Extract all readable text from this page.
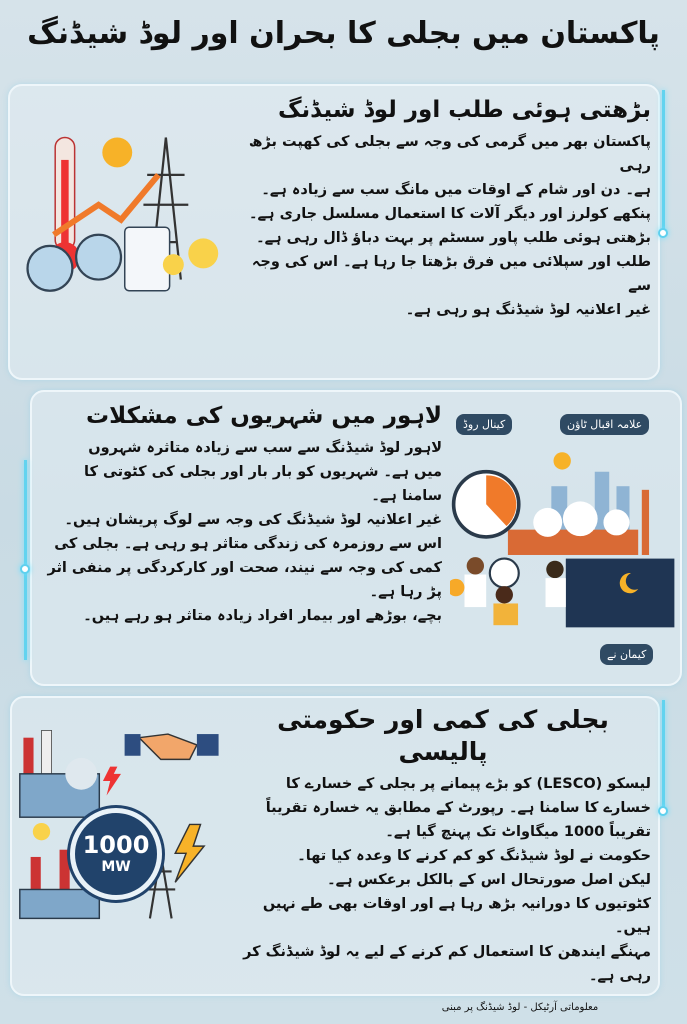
پاکستان میں بجلی کا بحران اور لوڈ شیڈنگ
بڑھتی ہوئی طلب اور لوڈ شیڈنگ

پاکستان بھر میں گرمی کی وجہ سے بجلی کی کھپت بڑھ رہی

ہے۔ دن اور شام کے اوقات میں مانگ سب سے زیادہ ہے۔

پنکھے کولرز اور دیگر آلات کا استعمال مسلسل جاری ہے۔

بڑھتی ہوئی طلب پاور سسٹم پر بہت دباؤ ڈال رہی ہے۔

طلب اور سپلائی میں فرق بڑھتا جا رہا ہے۔ اس کی وجہ سے

غیر اعلانیہ لوڈ شیڈنگ ہو رہی ہے۔

لاہور میں شہریوں کی مشکلات

لاہور لوڈ شیڈنگ سے سب سے زیادہ متاثرہ شہروں

میں ہے۔ شہریوں کو بار بار اور بجلی کی کٹوتی کا سامنا ہے۔

غیر اعلانیہ لوڈ شیڈنگ کی وجہ سے لوگ پریشان ہیں۔

اس سے روزمرہ کی زندگی متاثر ہو رہی ہے۔ بجلی کی

کمی کی وجہ سے نیند، صحت اور کارکردگی پر منفی اثر پڑ رہا ہے۔

بچے، بوڑھے اور بیمار افراد زیادہ متاثر ہو رہے ہیں۔

کینال روڈ	علامہ اقبال ٹاؤن
کیمان نے
بجلی کی کمی اور حکومتی پالیسی

لیسکو (LESCO) کو بڑے پیمانے پر بجلی کے خسارے کا

خسارے کا سامنا ہے۔ رپورٹ کے مطابق یہ خسارہ تقریباً

تقریباً 1000 میگاواٹ تک پہنچ گیا ہے۔

حکومت نے لوڈ شیڈنگ کو کم کرنے کا وعدہ کیا تھا۔

لیکن اصل صورتحال اس کے بالکل برعکس ہے۔

کٹوتیوں کا دورانیہ بڑھ رہا ہے اور اوقات بھی طے نہیں ہیں۔

مہنگے ایندھن کا استعمال کم کرنے کے لیے یہ لوڈ شیڈنگ کر رہی ہے۔

1000
MW
معلوماتی آرٹیکل - لوڈ شیڈنگ پر مبنی
